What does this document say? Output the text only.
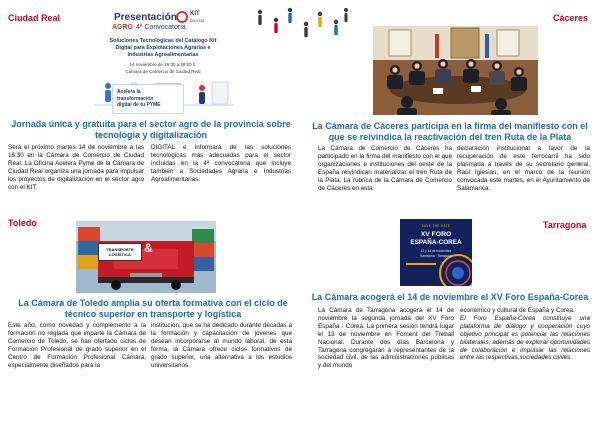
Ciudad Real	Presentación KIT
DIGITAL
AGRO 4ª Convocatoria
Soluciones Tecnológicas del Catálogo Kit
Digital para Explotaciones Agrarias e
Industrias Agroalimentarias
14 noviembre de 16:30 a 19:00 h.
Cámara de Comercio de Ciudad Real
Acelera la
transformación
digital de tu PYME
Jornada única y gratuita para el sector agro de la provincia sobre
tecnología y digitalización
Será el próximo martes 14 de noviembre a las 16:30 en la Cámara de Comercio de Ciudad Real. La Oficina Acelera Pyme de la Cámara de Ciudad Real organiza una jornada para impulsar los proyectos de digitalización en el sector agro con el KIT
DIGITAL e informará de las soluciones tecnológicas más adecuadas para el sector incluidas en la 4ª convocatoria que incluye también a Sociedades Agraria e Industrias Agroalimentarias.
Cáceres
La Cámara de Cáceres participa en la firma del manifiesto con el
que se reivindica la reactivación del tren Ruta de la Plata
La Cámara de Comercio de Cáceres ha participado en la firma del manifiesto con el que organizaciones e instituciones del oeste de la España reivindican materializar el tren Ruta de la Plata. La rúbrica de la Cámara de Comercio de Cáceres en esta
declaración institucional a favor de la recuperación de este ferrocarril ha sido plasmada a través de su secretario general, Raúl Iglesias, en el marco de la reunión convocada este martes, en el Ayuntamiento de Salamanca.
Toledo
TRANSPORTE
LOGÍSTICA	&
La Cámara de Toledo amplía su oferta formativa con el ciclo de
técnico superior en transporte y logística
Este año, como novedad y complemento a la formación no reglada que imparte la Cámara de Comercio de Toledo, se han ofertado ciclos de Formación Profesional de grado superior en el Centro de Formación Profesional Cámara, especialmente diseñados para la
institución, que se ha dedicado durante décadas a la formación y capacitación de jóvenes que desean incorporarse al mundo laboral, de esta forma, la Cámara ofrece ciclos formativos de grado superior, una alternativa a los estudios universitarios.
Tarragona
SAVE THE DATE
XV FORO
ESPAÑA-COREA
13 y 14 de noviembre
Barcelona · Tarragona
La Cámara acogerá el 14 de noviembre el XV Foro España-Corea
La Cámara de Tarragona acogerá el 14 de noviembre la segunda jornada del XV Foro España - Corea. La primera sesión tendrá lugar el 13 de noviembre en Foment del Treball Nacional. Durante dos días Barcelona y Tarragona congregarán a representantes de la sociedad civil, de las administraciones públicas y del mundo
económico y cultural de España y Corea.
El Foro España-Corea constituye una plataforma de diálogo y cooperación cuyo objetivo principal es potenciar las relaciones bilaterales, además de explorar oportunidades de colaboración e impulsar las relaciones entre las respectivas sociedades civiles.
